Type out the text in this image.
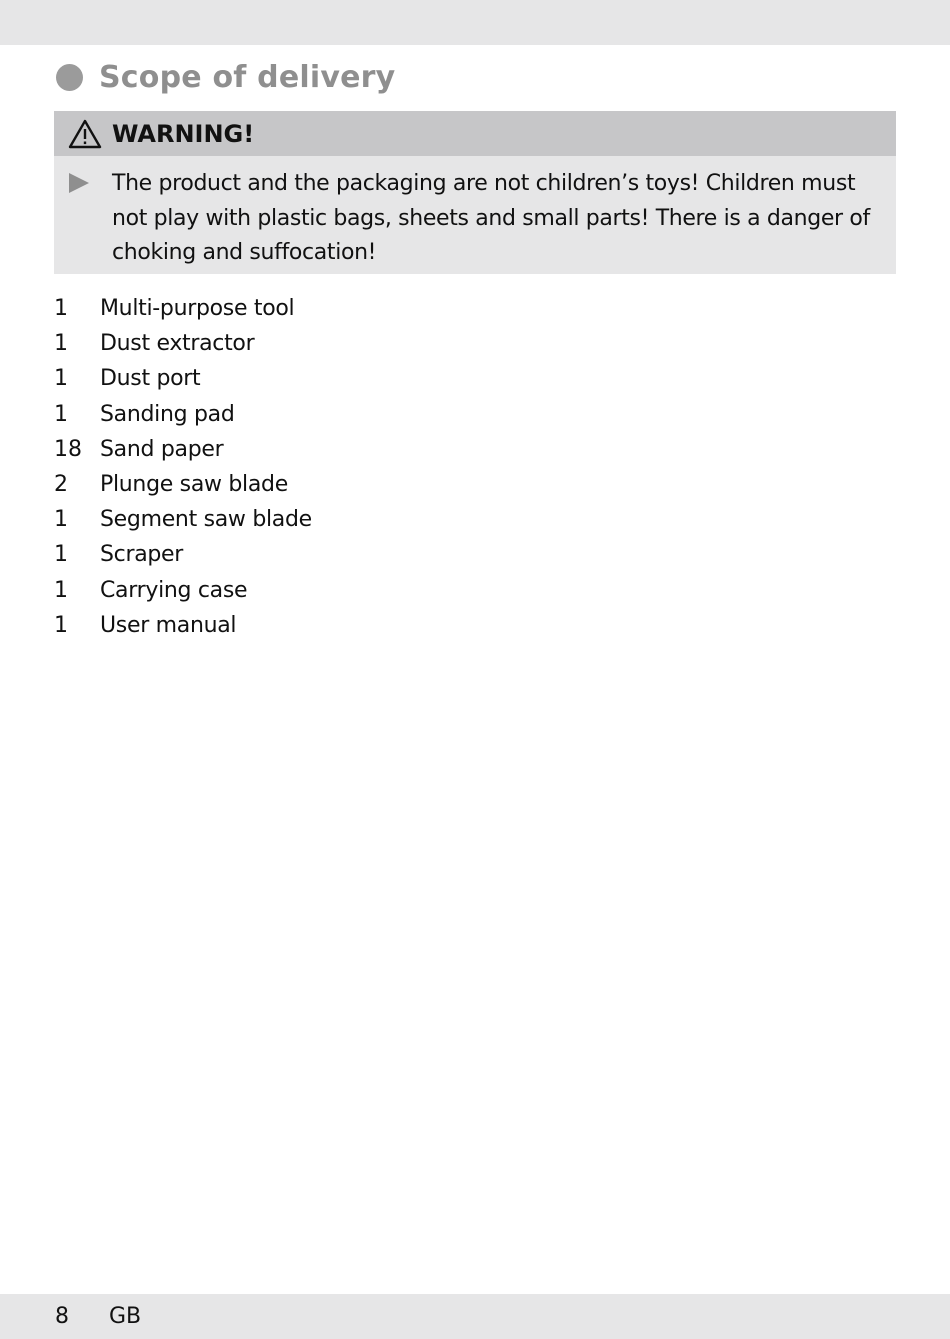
Scope of delivery
WARNING!
The product and the packaging are not children’s toys! Children must not play with plastic bags, sheets and small parts! There is a danger of choking and suffocation!
1	Multi-purpose tool
1	Dust extractor
1	Dust port
1	Sanding pad
18 Sand paper
2	Plunge saw blade
1	Segment saw blade
1	Scraper
1	Carrying case
1	User manual
8 GB
